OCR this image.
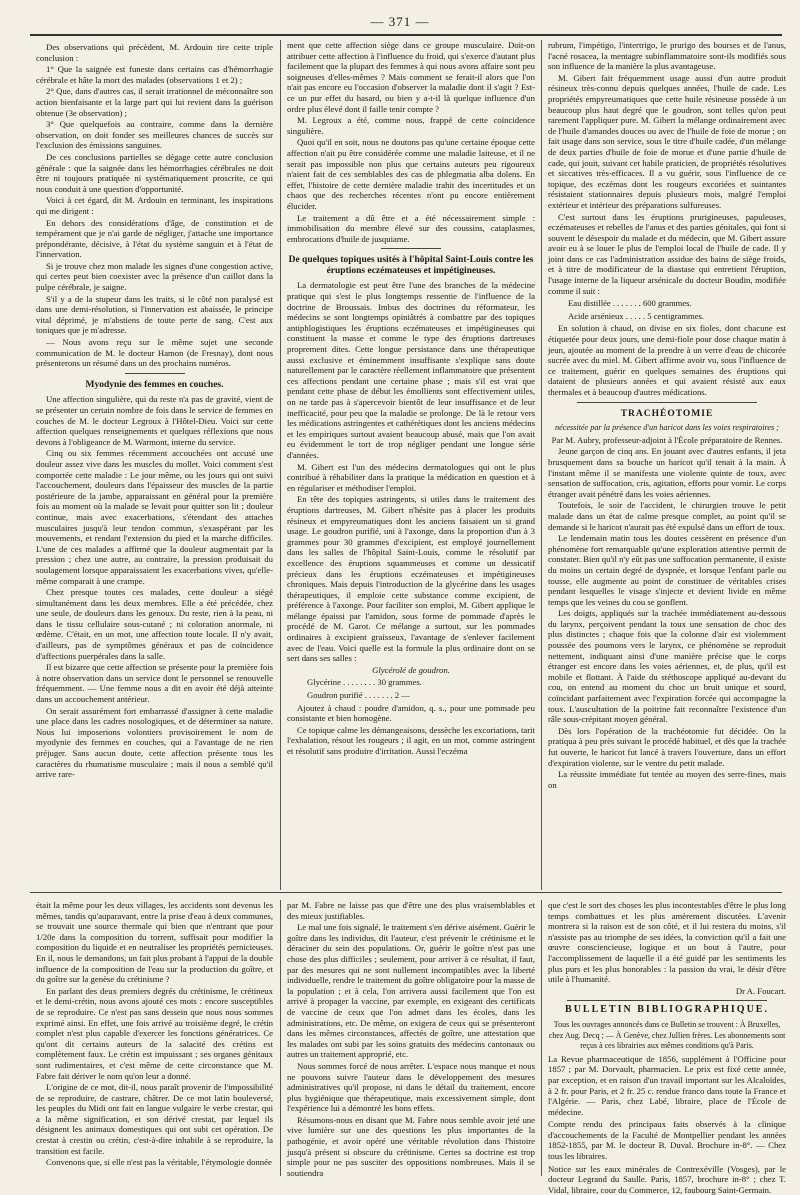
— 371 —

Des observations qui précèdent, M. Ardouin tire cette triple conclusion :

1° Que la saignée est funeste dans certains cas d'hémorrhagie cérébrale et hâte la mort des malades (observations 1 et 2) ;

2° Que, dans d'autres cas, il serait irrationnel de méconnaître son action bienfaisante et la large part qui lui revient dans la guérison obtenue (3e observation) ;

3° Que quelquefois au contraire, comme dans la dernière observation, on doit fonder ses meilleures chances de succès sur l'exclusion des émissions sanguines.

De ces conclusions partielles se dégage cette autre conclusion générale : que la saignée dans les hémorrhagies cérébrales ne doit être ni toujours pratiquée ni systématiquement proscrite, ce qui nous conduit à une question d'opportunité.

Voici à cet égard, dit M. Ardouin en terminant, les inspirations qui me dirigent :

En dehors des considérations d'âge, de constitution et de tempérament que je n'ai garde de négliger, j'attache une importance prépondérante, décisive, à l'état du système sanguin et à l'état de l'innervation.

Si je trouve chez mon malade les signes d'une congestion active, qui certes peut bien coexister avec la présence d'un caillot dans la pulpe cérébrale, je saigne.

S'il y a de la stupeur dans les traits, si le côté non paralysé est dans une demi-résolution, si l'innervation est abaissée, le principe vital déprimé, je m'abstiens de toute perte de sang. C'est aux toniques que je m'adresse.

— Nous avons reçu sur le même sujet une seconde communication de M. le docteur Hamon (de Fresnay), dont nous présenterons un résumé dans un des prochains numéros.

Myodynie des femmes en couches.

Une affection singulière, qui du reste n'a pas de gravité, vient de se présenter un certain nombre de fois dans le service de femmes en couches de M. le docteur Legroux à l'Hôtel-Dieu. Voici sur cette affection quelques renseignements et quelques réflexions que nous devons à l'obligeance de M. Warmont, interne du service.

Cinq ou six femmes récemment accouchées ont accusé une douleur assez vive dans les muscles du mollet. Voici comment s'est comportée cette maladie : Le jour même, ou les jours qui ont suivi l'accouchement, douleurs dans l'épaisseur des muscles de la partie postérieure de la jambe, apparaissant en général pour la première fois au moment où la malade se levait pour quitter son lit ; douleur continue, mais avec exacerbations, s'étendant des attaches musculaires jusqu'à leur tendon commun, s'exaspérant par les mouvements, et rendant l'extension du pied et la marche difficiles. L'une de ces malades a affirmé que la douleur augmentait par la pression ; chez une autre, au contraire, la pression produisait du soulagement lorsque apparaissaient les exacerbations vives, qu'elle-même comparait à une crampe.

Chez presque toutes ces malades, cette douleur a siégé simultanément dans les deux membres. Elle a été précédée, chez une seule, de douleurs dans les genoux. Du reste, rien à la peau, ni dans le tissu cellulaire sous-cutané ; ni coloration anormale, ni œdème. C'était, en un mot, une affection toute locale. Il n'y avait, d'ailleurs, pas de symptômes généraux et pas de coïncidence d'affections puerpérales dans la salle.

Il est bizarre que cette affection se présente pour la première fois à notre observation dans un service dont le personnel se renouvelle fréquemment. — Une femme nous a dit en avoir été déjà atteinte dans un accouchement antérieur.

On serait assurément fort embarrassé d'assigner à cette maladie une place dans les cadres nosologiques, et de déterminer sa nature. Nous lui imposerions volontiers provisoirement le nom de myodynie des femmes en couches, qui a l'avantage de ne rien préjuger. Sans aucun doute, cette affection présente tous les caractères du rhumatisme musculaire ; mais il nous a semblé qu'il arrive rare-

ment que cette affection siège dans ce groupe musculaire. Doit-on attribuer cette affection à l'influence du froid, qui s'exerce d'autant plus facilement que la plupart des femmes à qui nous avons affaire sont peu soigneuses d'elles-mêmes ? Mais comment se ferait-il alors que l'on n'ait pas encore eu l'occasion d'observer la maladie dont il s'agit ? Est-ce un pur effet du hasard, ou bien y a-t-il là quelque influence d'un ordre plus élevé dont il faille tenir compte ?

M. Legroux a été, comme nous, frappé de cette coïncidence singulière.

Quoi qu'il en soit, nous ne doutons pas qu'une certaine époque cette affection n'ait pu être considérée comme une maladie laiteuse, et il ne serait pas impossible non plus que certains auteurs peu rigoureux n'aient fait de ces semblables des cas de phlegmatia alba dolens. En effet, l'histoire de cette dernière maladie trahit des incertitudes et un chaos que des recherches récentes n'ont pu encore entièrement élucider.

Le traitement a dû être et a été nécessairement simple : immobilisation du membre élevé sur des coussins, cataplasmes, embrocations d'huile de jusquiame.

De quelques topiques usités à l'hôpital Saint-Louis contre les éruptions eczémateuses et impétigineuses.

La dermatologie est peut être l'une des branches de la médecine pratique qui s'est le plus longtemps ressentie de l'influence de la doctrine de Broussais. Imbus des doctrines du réformateur, les médecins se sont longtemps opiniâtrés à combattre par des topiques antiphlogistiques les éruptions eczémateuses et impétigineuses qui constituent la masse et comme le type des éruptions dartreuses proprement dites. Cette longue persistance dans une thérapeutique aussi exclusive et éminemment insuffisante s'explique sans doute naturellement par le caractère réellement inflammatoire que présentent ces affections pendant une certaine phase ; mais s'il est vrai que pendant cette phase de début les émollients sont effectivement utiles, on ne tarde pas à s'apercevoir bientôt de leur insuffisance et de leur inefficacité, pour peu que la maladie se prolonge. De là le retour vers les médications astringentes et cathérétiques dont les anciens médecins et les empiriques surtout avaient beaucoup abusé, mais que l'on avait eu évidemment le tort de trop négliger pendant une longue série d'années.

M. Gibert est l'un des médecins dermatologues qui ont le plus contribué à réhabiliter dans la pratique la médication en question et à en régulariser et méthodiser l'emploi.

En tête des topiques astringents, si utiles dans le traitement des éruptions dartreuses, M. Gibert n'hésite pas à placer les produits résineux et empyreumatiques dont les anciens faisaient un si grand usage. Le goudron purifié, uni à l'axonge, dans la proportion d'un à 3 grammes pour 30 grammes d'excipient, est employé journellement dans les salles de l'hôpital Saint-Louis, comme le résolutif par excellence des éruptions squammeuses et comme un dessicatif précieux dans les éruptions eczémateuses et impétigineuses chroniques. Mais depuis l'introduction de la glycérine dans les usages thérapeutiques, il emploie cette substance comme excipient, de préférence à l'axonge. Pour faciliter son emploi, M. Gibert applique le mélange épaissi par l'amidon, sous forme de pommade d'après le procédé de M. Garot. Ce mélange a surtout, sur les pommades ordinaires à excipient graisseux, l'avantage de s'enlever facilement avec de l'eau. Voici quelle est la formule la plus ordinaire dont on se sert dans ses salles :

Glycérolé de goudron.

Glycérine . . . . . . . . 30 grammes.
Goudron purifié . . . . . . . 2 —

Ajoutez à chaud : poudre d'amidon, q. s., pour une pommade peu consistante et bien homogène.

Ce topique calme les démangeaisons, dessèche les excoriations, tarit l'exhalation, résout les rougeurs ; il agit, en un mot, comme astringent et résolutif sans produire d'irritation. Aussi l'eczéma

rubrum, l'impétigo, l'intertrigo, le prurigo des bourses et de l'anus, l'acné rosacea, la mentagre subinflammatoire sont-ils modifiés sous son influence de la manière la plus avantageuse.

M. Gibert fait fréquemment usage aussi d'un autre produit résineux très-connu depuis quelques années, l'huile de cade. Les propriétés empyreumatiques que cette huile résineuse possède à un beaucoup plus haut degré que le goudron, sont telles qu'on peut rarement l'appliquer pure. M. Gibert la mélange ordinairement avec de l'huile d'amandes douces ou avec de l'huile de foie de morue ; on fait usage dans son service, sous le titre d'huile cadée, d'un mélange de deux parties d'huile de foie de morue et d'une partie d'huile de cade, qui jouit, suivant cet habile praticien, de propriétés résolutives et siccatives très-efficaces. Il a vu guérir, sous l'influence de ce topique, des eczémas dont les rougeurs excoriées et suintantes résistaient stationnaires depuis plusieurs mois, malgré l'emploi extérieur et intérieur des préparations sulfureuses.

C'est surtout dans les éruptions prurigineuses, papuleuses, eczémateuses et rebelles de l'anus et des parties génitales, qui font si souvent le désespoir du malade et du médecin, que M. Gibert assure avoir eu à se louer le plus de l'emploi local de l'huile de cade. Il y joint dans ce cas l'administration assidue des bains de siège froids, et à titre de modificateur de la diastase qui entretient l'éruption, l'usage interne de la liqueur arsénicale du docteur Boudin, modifiée comme il suit :

Eau distillée . . . . . . . 600 grammes.
Acide arsénieux . . . . . 5 centigrammes.

En solution à chaud, on divise en six fioles, dont chacune est étiquetée pour deux jours, une demi-fiole pour dose chaque matin à jeun, ajoutée au moment de la prendre à un verre d'eau de chicorée sucrée avec du miel. M. Gibert affirme avoir vu, sous l'influence de ce traitement, guérir en quelques semaines des éruptions qui dataient de plusieurs années et qui avaient résisté aux eaux thermales et à beaucoup d'autres médications.

TRACHÉOTOMIE

nécessitée par la présence d'un haricot dans les voies respiratoires ;

Par M. Aubry, professeur-adjoint à l'École préparatoire de Rennes.

Jeune garçon de cinq ans. En jouant avec d'autres enfants, il jeta brusquement dans sa bouche un haricot qu'il tenait à la main. À l'instant même il se manifesta une violente quinte de toux, avec sensation de suffocation, cris, agitation, efforts pour vomir. Le corps étranger avait pénétré dans les voies aériennes.

Toutefois, le soir de l'accident, le chirurgien trouve le petit malade dans un état de calme presque complet, au point qu'il se demande si le haricot n'aurait pas été expulsé dans un effort de toux.

Le lendemain matin tous les doutes cessèrent en présence d'un phénomène fort remarquable qu'une exploration attentive permit de constater. Bien qu'il n'y eût pas une suffocation permanente, il existe du moins un certain degré de dyspnée, et lorsque l'enfant parle ou tousse, elle augmente au point de constituer de véritables crises pendant lesquelles le visage s'injecte et devient livide en même temps que les veines du cou se gonflent.

Les doigts, appliqués sur la trachée immédiatement au-dessous du larynx, perçoivent pendant la toux une sensation de choc des plus distinctes ; chaque fois que la colonne d'air est violemment poussée des poumons vers le larynx, ce phénomène se reproduit nettement, indiquant ainsi d'une manière précise que le corps étranger est encore dans les voies aériennes, et, de plus, qu'il est mobile et flottant. À l'aide du stéthoscope appliqué au-devant du cou, on entend au moment du choc un bruit unique et sourd, coïncidant parfaitement avec l'expiration forcée qui accompagne la toux. L'auscultation de la poitrine fait reconnaître l'existence d'un râle sous-crépitant moyen général.

Dès lors l'opération de la trachéotomie fut décidée. On la pratiqua à peu près suivant le procédé habituel, et dès que la trachée fut ouverte, le haricot fut lancé à travers l'ouverture, dans un effort d'expiration violente, sur le ventre du petit malade.

La réussite immédiate fut tentée au moyen des serre-fines, mais on

était la même pour les deux villages, les accidents sont devenus les mêmes, tandis qu'auparavant, entre la prise d'eau à deux communes, se trouvait une source thermale qui bien que n'entrant que pour 1/20e dans la composition du torrent, suffisait pour modifier la composition du liquide et en neutraliser les propriétés pernicieuses. En il, nous le demandons, un fait plus probant à l'appui de la double influence de la composition de l'eau sur la production du goître, et du goître sur la genèse du crétinisme ?

En parlant des deux premiers degrés du crétinisme, le crétineux et le demi-crétin, nous avons ajouté ces mots : encore susceptibles de se reproduire. Ce n'est pas sans dessein que nous nous sommes exprimé ainsi. En effet, une fois arrivé au troisième degré, le crétin complet n'est plus capable d'exercer les fonctions génératrices. Ce qu'ont dit certains auteurs de la salacité des crétins est complètement faux. Le crétin est impuissant ; ses organes génitaux sont rudimentaires, et c'est même de cette circonstance que M. Fabre fait dériver le nom qu'on leur a donné.

L'origine de ce mot, dit-il, nous paraît provenir de l'impossibilité de se reproduire, de castrare, châtrer. De ce mot latin bouleversé, les peuples du Midi ont fait en langue vulgaire le verbe crestar, qui a la même signification, et son dérivé crestat, par lequel ils désignent les animaux domestiques qui ont subi cet opération. De crestat à crestin ou crétin, c'est-à-dire inhabile à se reproduire, la transition est facile.

Convenons que, si elle n'est pas la véritable, l'étymologie donnée

par M. Fabre ne laisse pas que d'être une des plus vraisemblables et des mieux justifiables.

Le mal une fois signalé, le traitement s'en dérive aisément. Guérir le goître dans les individus, dit l'auteur, c'est prévenir le crétinisme et le déraciner du sein des populations. Or, guérir le goître n'est pas une chose des plus difficiles ; seulement, pour arriver à ce résultat, il faut, par des mesures qui ne sont nullement incompatibles avec la liberté individuelle, rendre le traitement du goître obligatoire pour la masse de la population ; et à cela, l'on arrivera aussi facilement que l'on est arrivé à propager la vaccine, par exemple, en exigeant des certificats de vaccine de ceux que l'on admet dans les écoles, dans les administrations, etc. De même, on exigera de ceux qui se présenteront dans les mêmes circonstances, affectés de goître, une attestation que les malades ont subi par les soins gratuits des médecins cantonaux ou autres un traitement approprié, etc.

Nous sommes forcé de nous arrêter. L'espace nous manque et nous ne pouvons suivre l'auteur dans le développement des mesures administratives qu'il propose, ni dans le détail du traitement, encore plus hygiénique que thérapeutique, mais excessivement simple, dont l'expérience lui a démontré les bons effets.

Résumons-nous en disant que M. Fabre nous semble avoir jeté une vive lumière sur une des questions les plus importantes de la pathogénie, et avoir opéré une véritable révolution dans l'histoire jusqu'à présent si obscure du crétinisme. Certes sa doctrine est trop simple pour ne pas susciter des oppositions nombreuses. Mais il se soutiendra

que c'est le sort des choses les plus incontestables d'être le plus long temps combattues et les plus amèrement discutées. L'avenir montrera si la raison est de son côté, et il lui restera du moins, s'il n'assiste pas au triomphe de ses idées, la conviction qu'il a fait une œuvre consciencieuse, logique et un bout à l'autre, pour l'accomplissement de laquelle il a été guidé par les sentiments les plus purs et les plus honorables : la passion du vrai, le désir d'être utile à l'humanité.

Dr A. Foucart.

BULLETIN BIBLIOGRAPHIQUE.

Tous les ouvrages annoncés dans ce Bulletin se trouvent : À Bruxelles, chez Aug. Decq ; — À Genève, chez Jullien frères. Les abonnements sont reçus à ces librairies aux mêmes conditions qu'à Paris.

La Revue pharmaceutique de 1856, supplément à l'Officine pour 1857 ; par M. Dorvault, pharmacien. Le prix est fixé cette année, par exception, et en raison d'un travail important sur les Alcaloïdes, à 2 fr. pour Paris, et 2 fr. 25 c. rendue franco dans toute la France et l'Algérie. — Paris, chez Labé, libraire, place de l'École de médecine.

Compte rendu des principaux faits observés à la clinique d'accouchements de la Faculté de Montpellier pendant les années 1852-1855, par M. le docteur B. Duval. Brochure in-8°. — Chez tous les libraires.

Notice sur les eaux minérales de Contrexéville (Vosges), par le docteur Legrand du Saulle. Paris, 1857, brochure in-8° ; chez T. Vidal, libraire, cour du Commerce, 12, faubourg Saint-Germain.
